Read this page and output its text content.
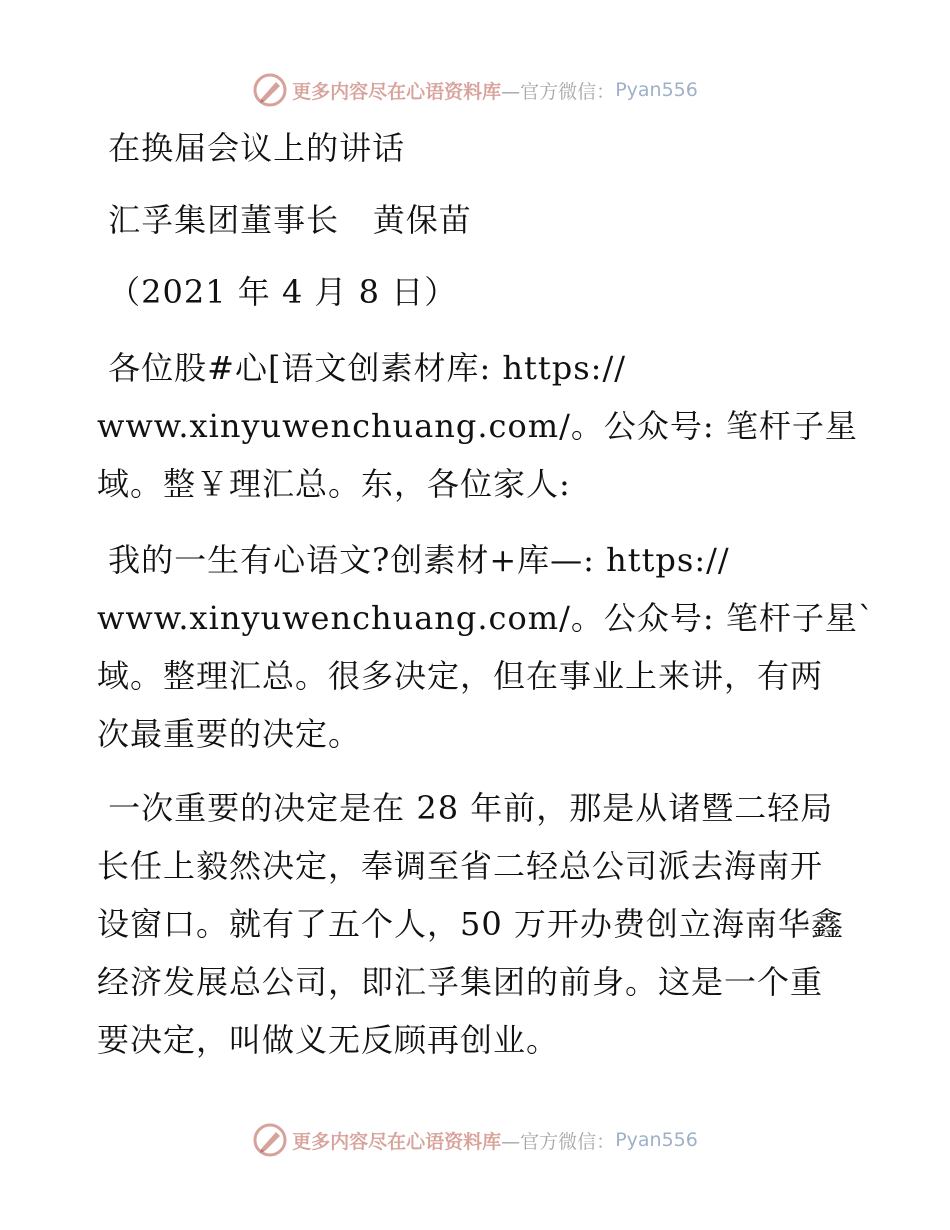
更多内容尽在心语资料库 —官方微信： Pyan556
在换届会议上的讲话
汇孚集团董事长   黄保苗
（2021 年 4 月 8 日）
各位股#心[语文创素材库: https://
www.xinyuwenchuang.com/。公众号: 笔杆子星
域。整￥理汇总。东，各位家人:
我的一生有心语文?创素材+库—: https://
www.xinyuwenchuang.com/。公众号: 笔杆子星`
域。整理汇总。很多决定，但在事业上来讲，有两
次最重要的决定。
一次重要的决定是在 28 年前，那是从诸暨二轻局
长任上毅然决定，奉调至省二轻总公司派去海南开
设窗口。就有了五个人，50 万开办费创立海南华鑫
经济发展总公司，即汇孚集团的前身。这是一个重
要决定，叫做义无反顾再创业。
更多内容尽在心语资料库 —官方微信： Pyan556
